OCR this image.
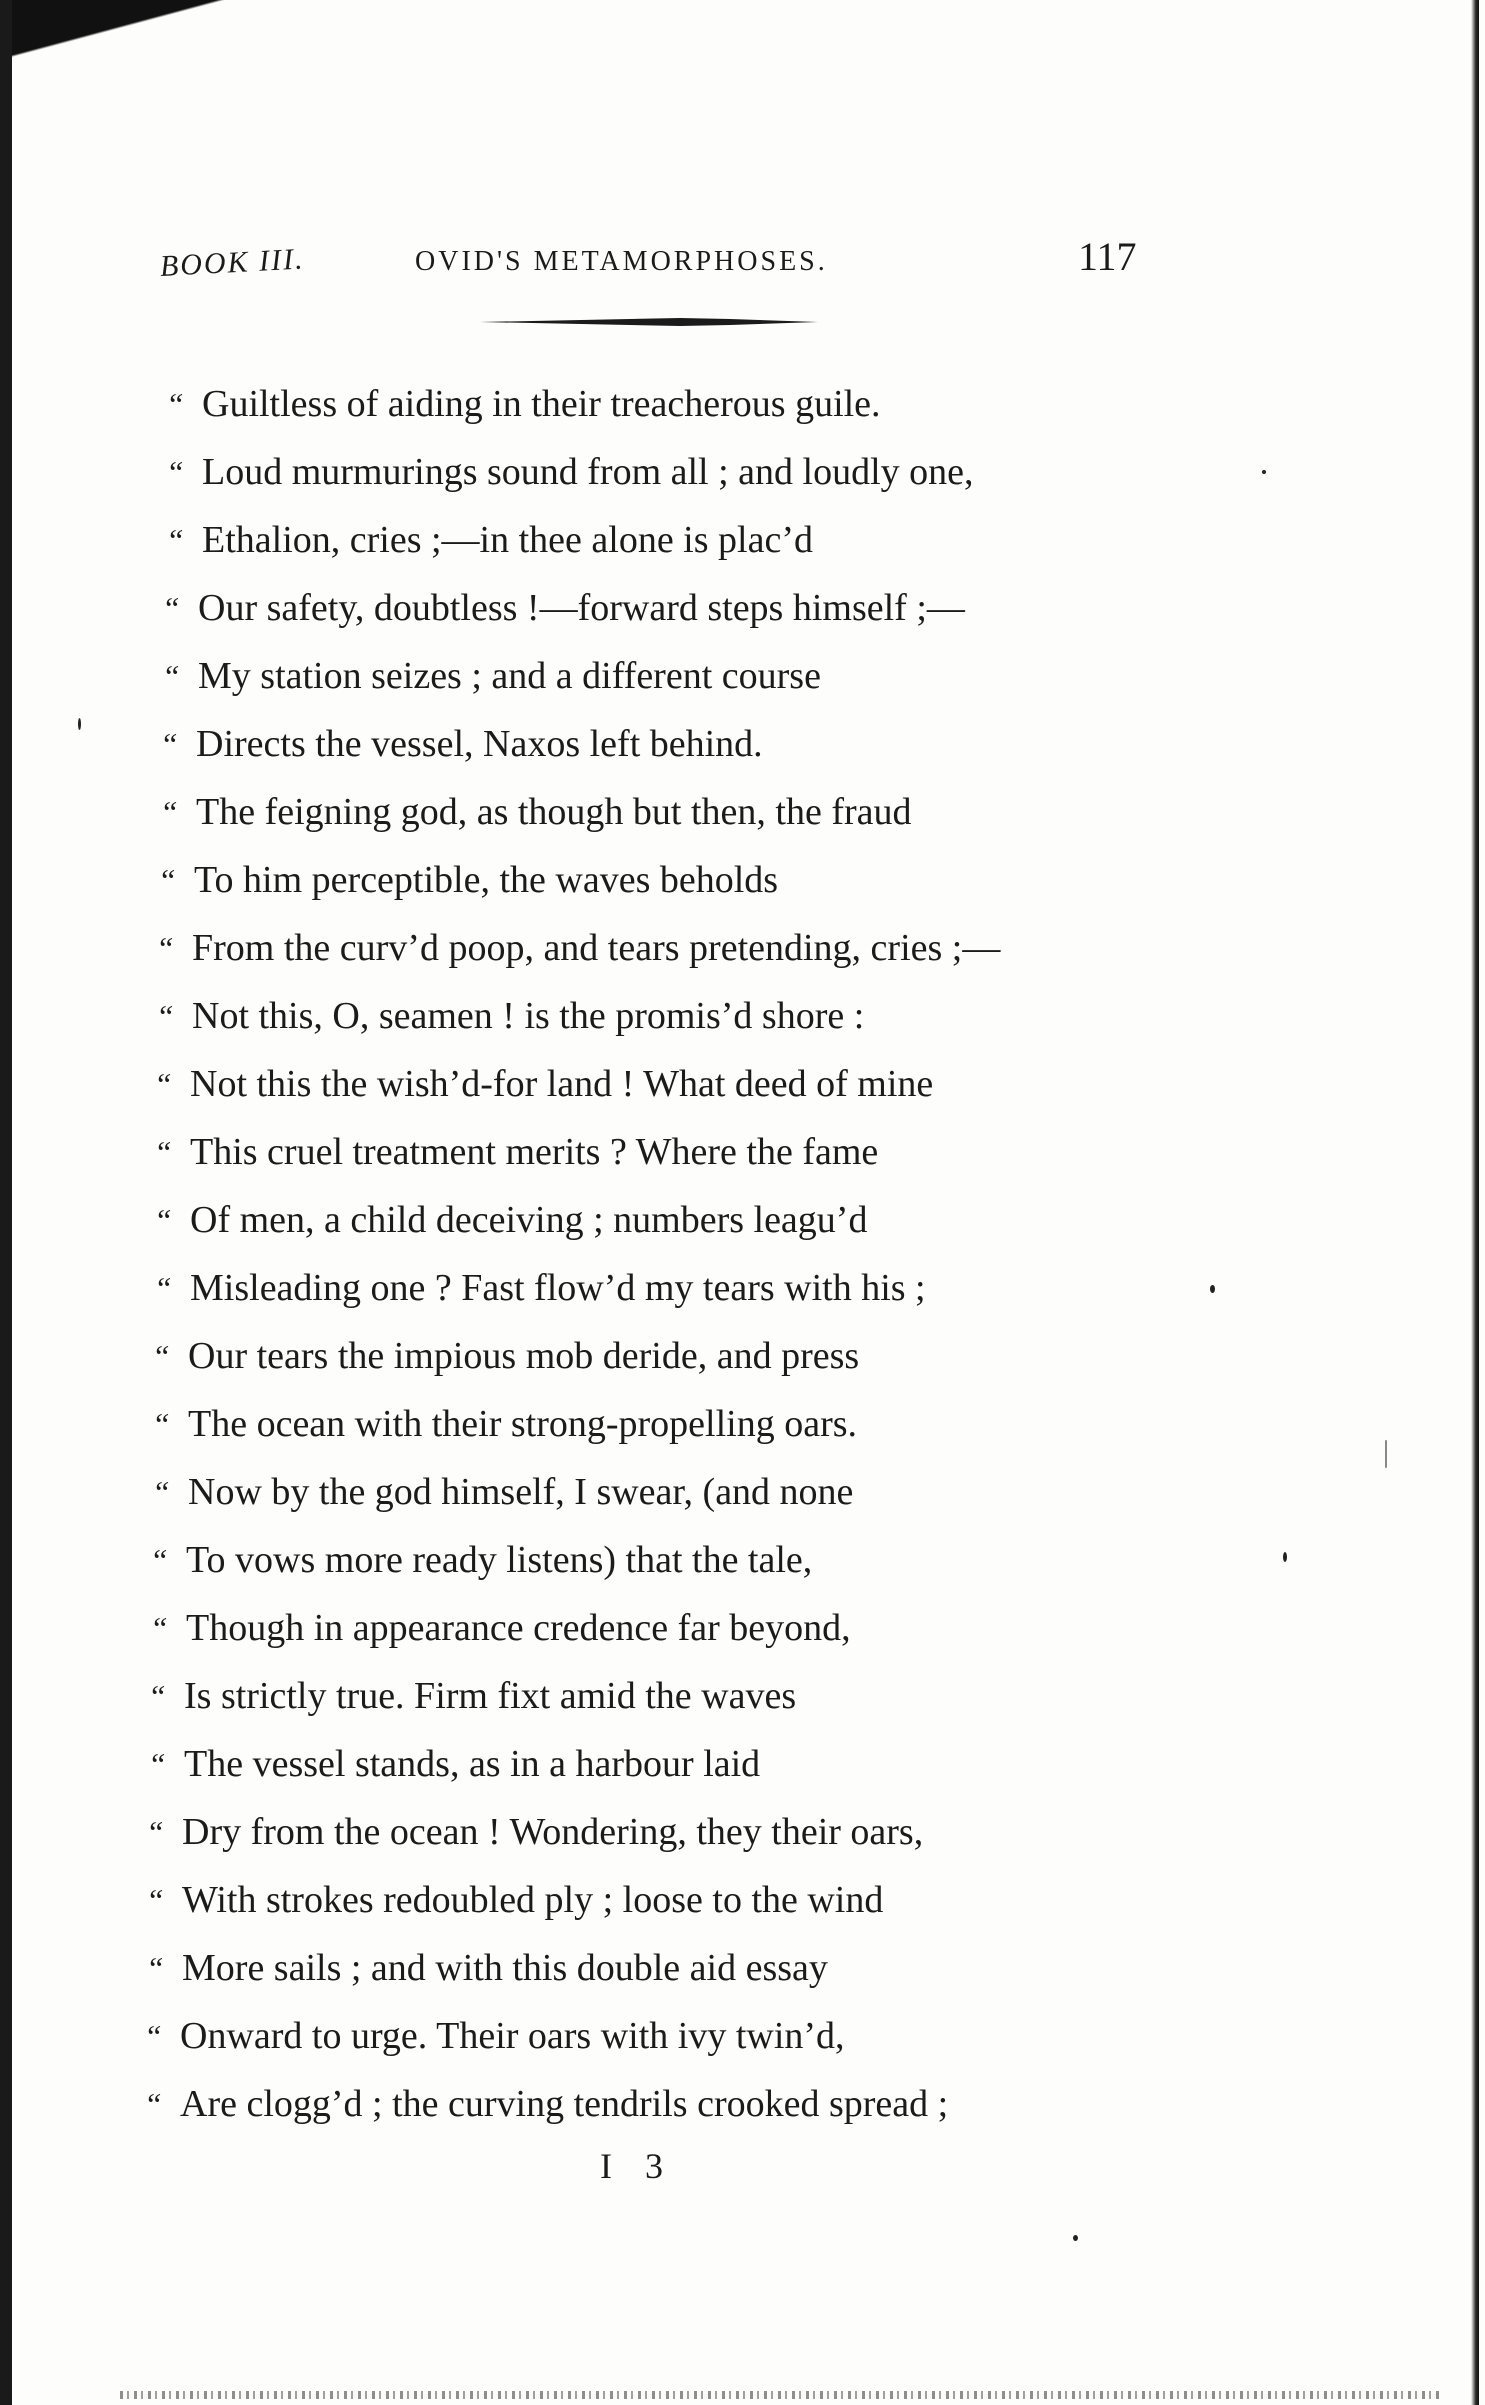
BOOK III.	OVID'S METAMORPHOSES.	117
“ Guiltless of aiding in their treacherous guile.
“ Loud murmurings sound from all ; and loudly one,
“ Ethalion, cries ;—in thee alone is plac’d
“ Our safety, doubtless !—forward steps himself ;—
“ My station seizes ; and a different course
“ Directs the vessel, Naxos left behind.
“ The feigning god, as though but then, the fraud
“ To him perceptible, the waves beholds
“ From the curv’d poop, and tears pretending, cries ;—
“ Not this, O, seamen ! is the promis’d shore :
“ Not this the wish’d-for land ! What deed of mine
“ This cruel treatment merits ? Where the fame
“ Of men, a child deceiving ; numbers leagu’d
“ Misleading one ? Fast flow’d my tears with his ;
“ Our tears the impious mob deride, and press
“ The ocean with their strong-propelling oars.
“ Now by the god himself, I swear, (and none
“ To vows more ready listens) that the tale,
“ Though in appearance credence far beyond,
“ Is strictly true. Firm fixt amid the waves
“ The vessel stands, as in a harbour laid
“ Dry from the ocean ! Wondering, they their oars,
“ With strokes redoubled ply ; loose to the wind
“ More sails ; and with this double aid essay
“ Onward to urge. Their oars with ivy twin’d,
“ Are clogg’d ; the curving tendrils crooked spread ;
I 3
